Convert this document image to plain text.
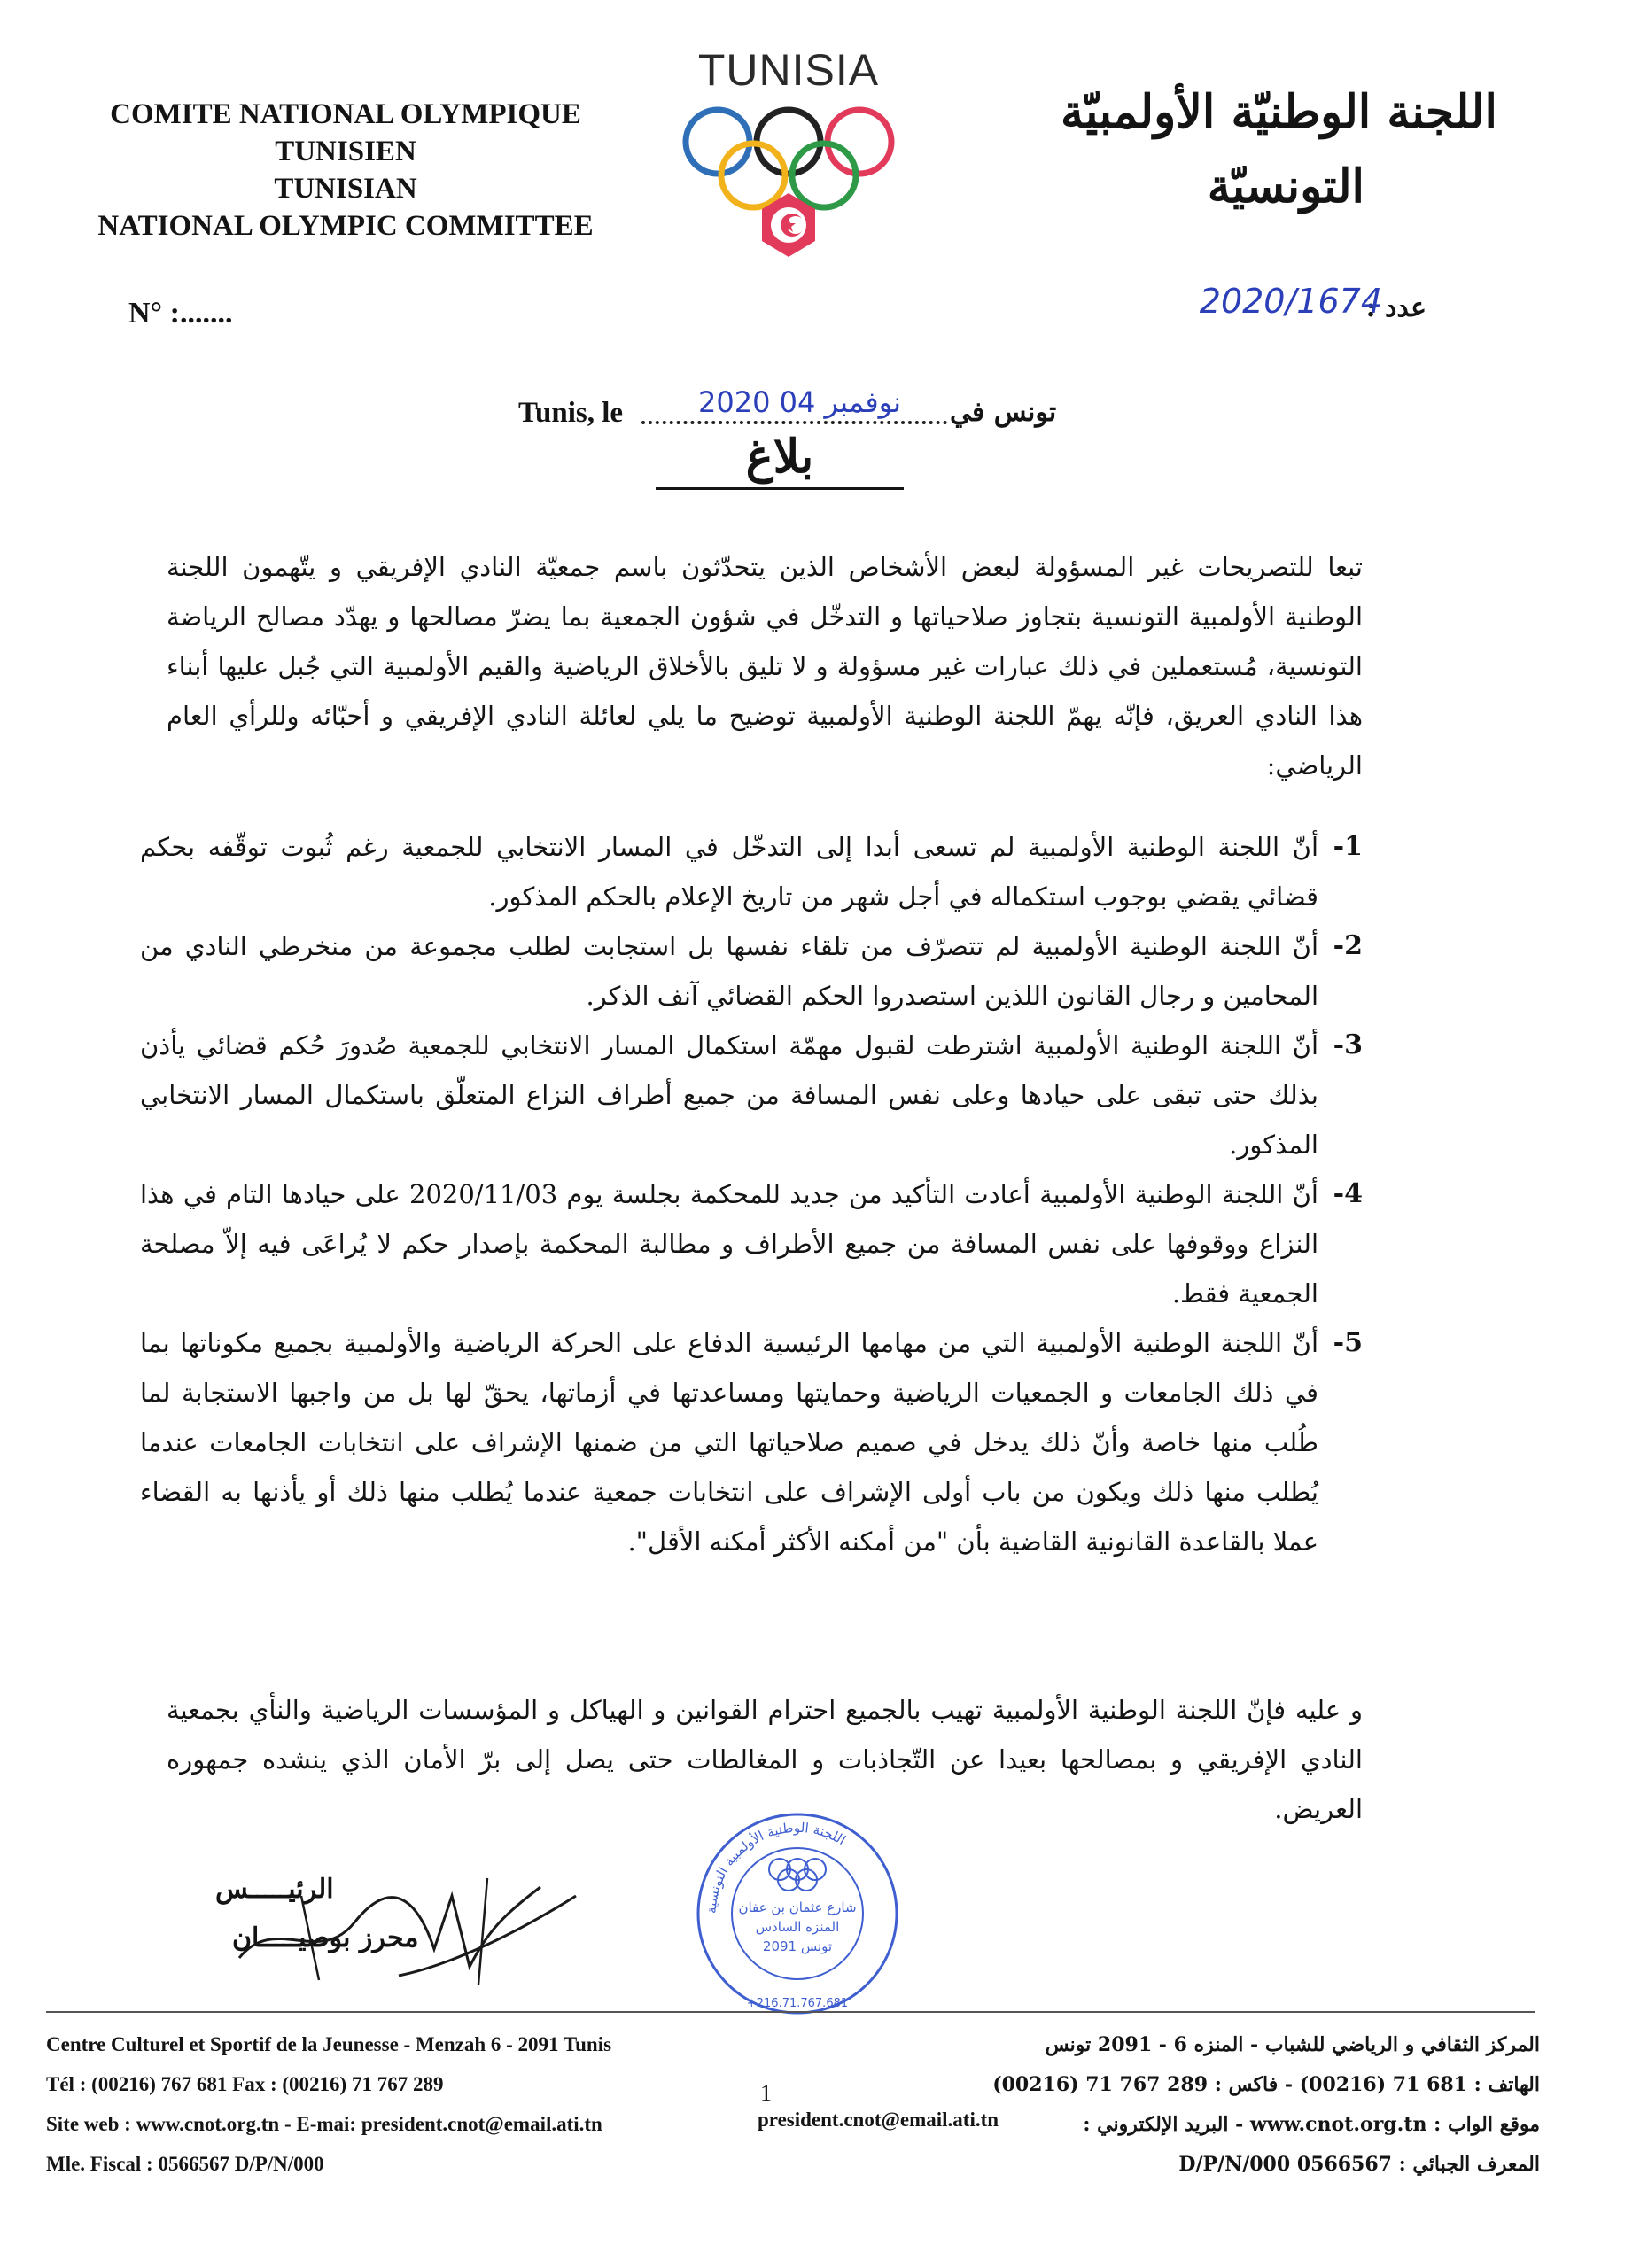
COMITE NATIONAL OLYMPIQUE
TUNISIEN
TUNISIAN
NATIONAL OLYMPIC COMMITTEE
TUNISIA
اللجنة الوطنيّة الأولمبيّة
التونسيّة
N° :.......	عدد :
2020/1674
Tunis, le	2020 نوفمبر 04 تونس في
بلاغ
تبعا للتصريحات غير المسؤولة لبعض الأشخاص الذين يتحدّثون باسم جمعيّة النادي الإفريقي و يتّهمون اللجنة الوطنية الأولمبية التونسية بتجاوز صلاحياتها و التدخّل في شؤون الجمعية بما يضرّ مصالحها و يهدّد مصالح الرياضة التونسية، مُستعملين في ذلك عبارات غير مسؤولة و لا تليق بالأخلاق الرياضية والقيم الأولمبية التي جُبل عليها أبناء هذا النادي العريق، فإنّه يهمّ اللجنة الوطنية الأولمبية توضيح ما يلي لعائلة النادي الإفريقي و أحبّائه وللرأي العام الرياضي:
1-
أنّ اللجنة الوطنية الأولمبية لم تسعى أبدا إلى التدخّل في المسار الانتخابي للجمعية رغم ثُبوت توقّفه بحكم قضائي يقضي بوجوب استكماله في أجل شهر من تاريخ الإعلام بالحكم المذكور.
2-
أنّ اللجنة الوطنية الأولمبية لم تتصرّف من تلقاء نفسها بل استجابت لطلب مجموعة من منخرطي النادي من المحامين و رجال القانون اللذين استصدروا الحكم القضائي آنف الذكر.
3-
أنّ اللجنة الوطنية الأولمبية اشترطت لقبول مهمّة استكمال المسار الانتخابي للجمعية صُدورَ حُكم قضائي يأذن بذلك حتى تبقى على حيادها وعلى نفس المسافة من جميع أطراف النزاع المتعلّق باستكمال المسار الانتخابي المذكور.
4-
أنّ اللجنة الوطنية الأولمبية أعادت التأكيد من جديد للمحكمة بجلسة يوم 2020/11/03 على حيادها التام في هذا النزاع ووقوفها على نفس المسافة من جميع الأطراف و مطالبة المحكمة بإصدار حكم لا يُراعَى فيه إلاّ مصلحة الجمعية فقط.
5-
أنّ اللجنة الوطنية الأولمبية التي من مهامها الرئيسية الدفاع على الحركة الرياضية والأولمبية بجميع مكوناتها بما في ذلك الجامعات و الجمعيات الرياضية وحمايتها ومساعدتها في أزماتها، يحقّ لها بل من واجبها الاستجابة لما طُلب منها خاصة وأنّ ذلك يدخل في صميم صلاحياتها التي من ضمنها الإشراف على انتخابات الجامعات عندما يُطلب منها ذلك ويكون من باب أولى الإشراف على انتخابات جمعية عندما يُطلب منها ذلك أو يأذنها به القضاء عملا بالقاعدة القانونية القاضية بأن "من أمكنه الأكثر أمكنه الأقل".
و عليه فإنّ اللجنة الوطنية الأولمبية تهيب بالجميع احترام القوانين و الهياكل و المؤسسات الرياضية والنأي بجمعية النادي الإفريقي و بمصالحها بعيدا عن التّجاذبات و المغالطات حتى يصل إلى برّ الأمان الذي ينشده جمهوره العريض.
الرئيـــــس
محرز بوصيـــــان
اللجنة الوطنية الأولمبية التونسية
شارع عثمان بن عفان
المنزه السادس
2091 تونس
+216.71.767.681
Centre Culturel et Sportif de la Jeunesse - Menzah 6 - 2091 Tunis
Tél : (00216) 767 681 Fax : (00216) 71 767 289
Site web : www.cnot.org.tn - E-mai: president.cnot@email.ati.tn
Mle. Fiscal : 0566567 D/P/N/000
المركز الثقافي و الرياضي للشباب - المنزه 6 - 2091 تونس
الهاتف : 681 71 (00216) - فاكس : 289 767 71 (00216)
موقع الواب : www.cnot.org.tn - البريد الإلكتروني :
المعرف الجبائي : 0566567 D/P/N/000
1
president.cnot@email.ati.tn
